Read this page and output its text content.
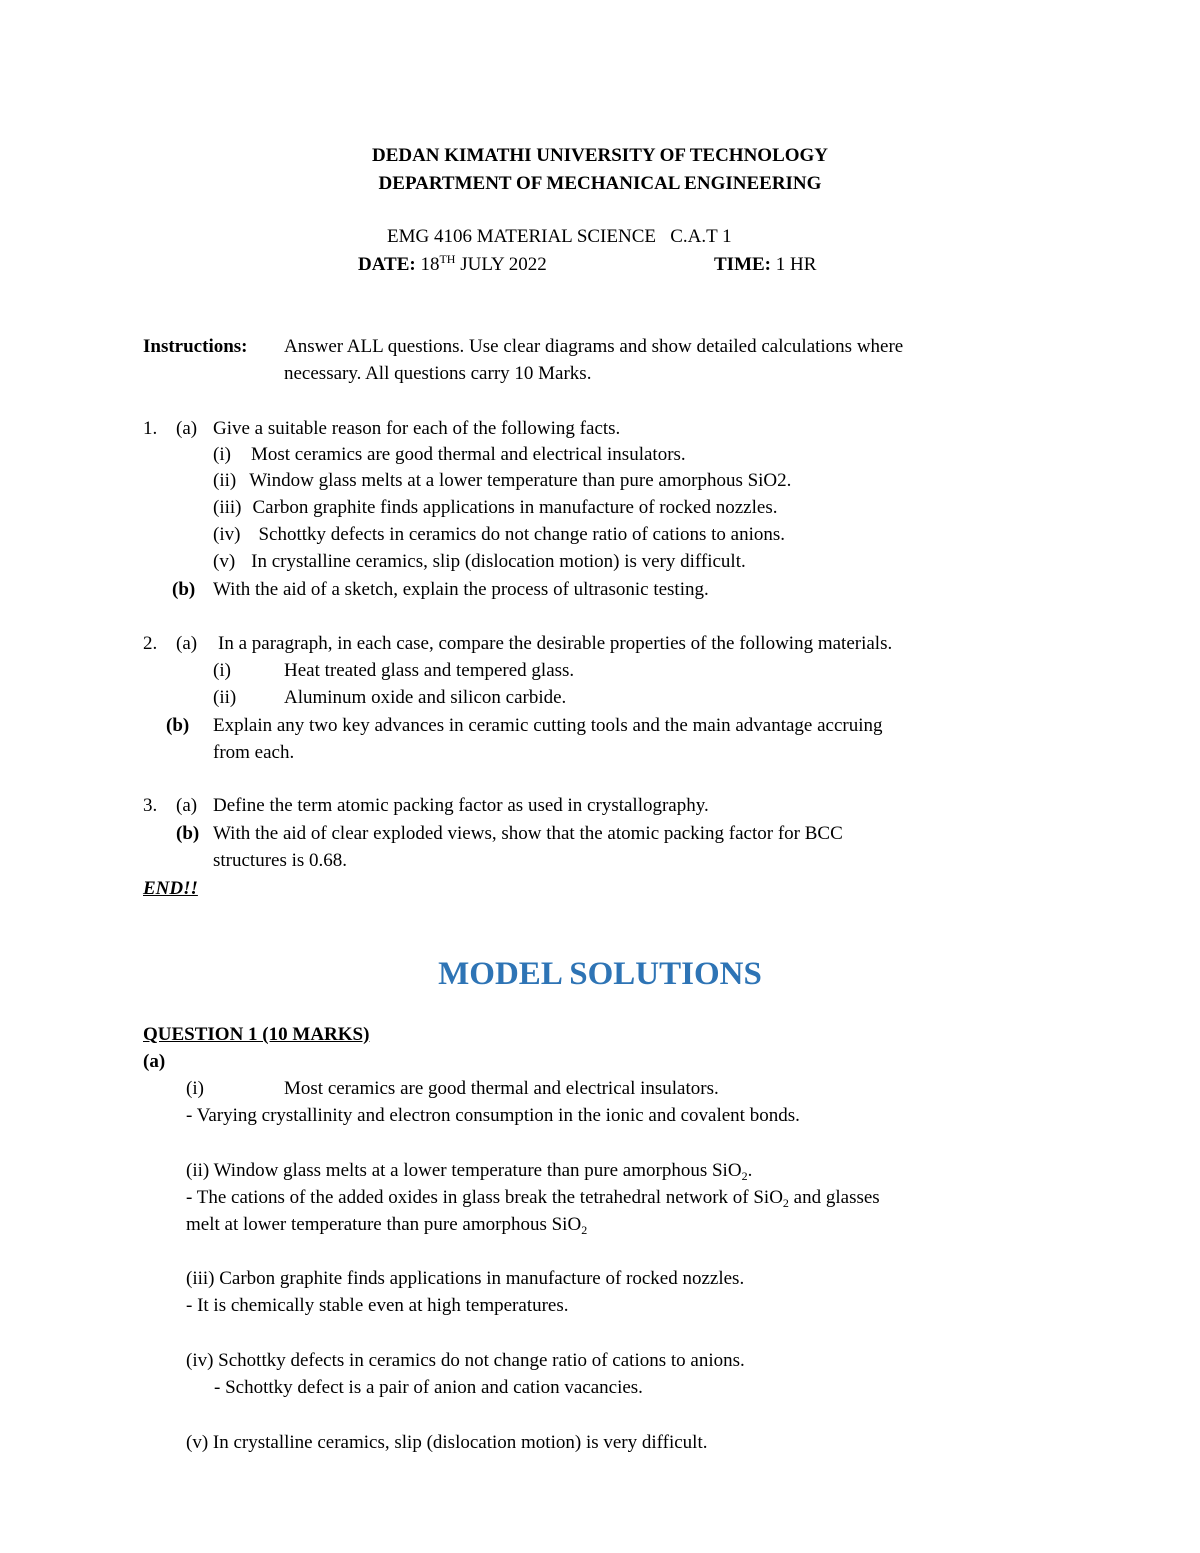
DEDAN KIMATHI UNIVERSITY OF TECHNOLOGY
DEPARTMENT OF MECHANICAL ENGINEERING
EMG 4106 MATERIAL SCIENCE   C.A.T 1
DATE: 18TH JULY 2022	TIME: 1 HR
Instructions: Answer ALL questions. Use clear diagrams and show detailed calculations where
necessary. All questions carry 10 Marks.
1. (a) Give a suitable reason for each of the following facts.
(i) Most ceramics are good thermal and electrical insulators.
(ii) Window glass melts at a lower temperature than pure amorphous SiO2.
(iii) Carbon graphite finds applications in manufacture of rocked nozzles.
(iv) Schottky defects in ceramics do not change ratio of cations to anions.
(v) In crystalline ceramics, slip (dislocation motion) is very difficult.
(b) With the aid of a sketch, explain the process of ultrasonic testing.
2. (a) In a paragraph, in each case, compare the desirable properties of the following materials.
(i)	Heat treated glass and tempered glass.
(ii)	Aluminum oxide and silicon carbide.
(b) Explain any two key advances in ceramic cutting tools and the main advantage accruing
from each.
3. (a) Define the term atomic packing factor as used in crystallography.
(b) With the aid of clear exploded views, show that the atomic packing factor for BCC
structures is 0.68.
END!!
MODEL SOLUTIONS
QUESTION 1 (10 MARKS)
(a)
(i)	Most ceramics are good thermal and electrical insulators.
- Varying crystallinity and electron consumption in the ionic and covalent bonds.
(ii) Window glass melts at a lower temperature than pure amorphous SiO$_2$.
- The cations of the added oxides in glass break the tetrahedral network of SiO$_2$ and glasses
melt at lower temperature than pure amorphous SiO$_2$
(iii) Carbon graphite finds applications in manufacture of rocked nozzles.
- It is chemically stable even at high temperatures.
(iv) Schottky defects in ceramics do not change ratio of cations to anions.
- Schottky defect is a pair of anion and cation vacancies.
(v) In crystalline ceramics, slip (dislocation motion) is very difficult.
